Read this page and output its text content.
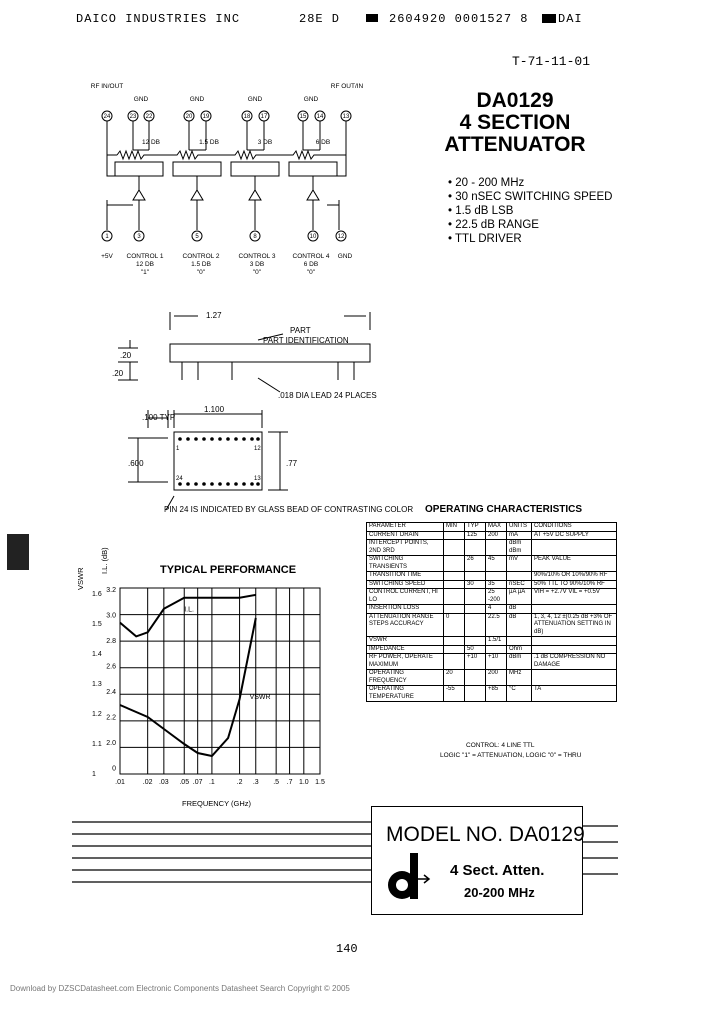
DAICO INDUSTRIES INC	28E D	2604920 0001527 8 DAI
T-71-11-01
DA0129
4 SECTION
ATTENUATOR
• 20 - 200 MHz
• 30 nSEC SWITCHING SPEED
• 1.5 dB LSB
• 22.5 dB RANGE
• TTL DRIVER
24	23 22	20 19	18 17	15 14	13
1	3	5	8	10	12
RF IN/OUT	RF OUT/IN
GND	GND	GND	GND
12 DB	1.5 DB	3 DB	6 DB
+5V CONTROL 1	CONTROL 2	CONTROL 3	CONTROL 4 GND
12 DB	1.5 DB	3 DB	6 DB
"1"	"0"	"0"	"0"
1.27
PART
PART IDENTIFICATION
.20
.20
.018 DIA LEAD 24 PLACES
.100 TYP
1.100
.600	.77
PIN 24 IS INDICATED BY GLASS BEAD OF CONTRASTING COLOR
1	12
24	13
TYPICAL PERFORMANCE
FREQUENCY (GHz)
VSWR
I.L. (dB)
.01	.02 .03 .05 .07 .1	.2 .3 .5 .7 1.0 1.5
1.6
1.5
1.4
1.3
1.2
1.1
1
3.2
3.0
2.8
2.6
2.4
2.2
2.0
0
I.L.
VSWR
OPERATING CHARACTERISTICS
PARAMETER	MIN	TYP	MAX	UNITS	CONDITIONS
CURRENT DRAIN		125	200	mA	AT +5V DC SUPPLY
INTERCEPT POINTS, 2ND 3RD				dBm dBm	
SWITCHING TRANSIENTS		26	45	mV	PEAK VALUE
TRANSITION TIME					90%/10% OR 10%/90% RF
SWITCHING SPEED		30	35	nSEC	50% TTL TO 90%/10% RF
CONTROL CURRENT, HI LO			25 -200	µA µA	VIH = +2.7V VIL = +0.5V
INSERTION LOSS			4	dB	
ATTENUATION RANGE STEPS ACCURACY	0		22.5	dB	1, 3, 4, 12 ±(0.25 dB +3% OF ATTENUATION SETTING IN dB)
VSWR			1.5/1		
IMPEDANCE		50		Ohm	
RF POWER, OPERATE MAXIMUM		+10	+10	dBm	.1 dB COMPRESSION NO DAMAGE
OPERATING FREQUENCY	20		200	MHz	
OPERATING TEMPERATURE	-55		+85	°C	TA
CONTROL: 4 LINE TTL
LOGIC "1" = ATTENUATION, LOGIC "0" = THRU
MODEL NO. DA0129
4 Sect. Atten.
20-200 MHz
140
Download by DZSCDatasheet.com Electronic Components Datasheet Search Copyright © 2005
